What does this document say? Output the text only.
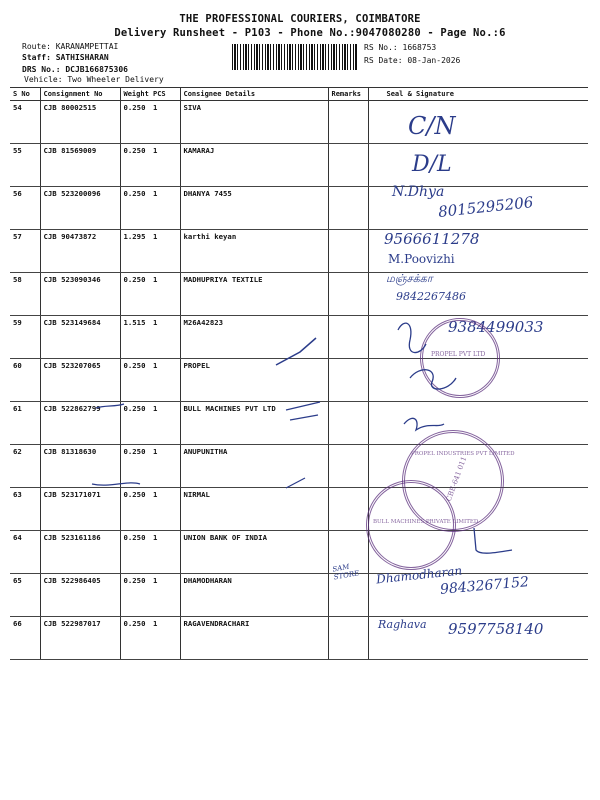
THE PROFESSIONAL COURIERS, COIMBATORE
Delivery Runsheet - P103 - Phone No.:9047080280 - Page No.:6
Route: KARANAMPETTAI
Staff: SATHISHARAN
DRS No.: DCJB166875306
Vehicle: Two Wheeler Delivery
RS No.: 1668753
RS Date: 08-Jan-2026
S No	Consignment No	Weight	PCS	Consignee Details	Remarks	Seal & Signature
54	CJB 80002515	0.250	1	SIVA		
55	CJB 81569009	0.250	1	KAMARAJ		
56	CJB 523200096	0.250	1	DHANYA 7455		
57	CJB 90473872	1.295	1	karthi keyan		
58	CJB 523090346	0.250	1	MADHUPRIYA TEXTILE		
59	CJB 523149684	1.515	1	M26A42823		
60	CJB 523207065	0.250	1	PROPEL		
61	CJB 522862799	0.250	1	BULL MACHINES PVT LTD		
62	CJB 81318630	0.250	1	ANUPUNITHA		
63	CJB 523171071	0.250	1	NIRMAL		
64	CJB 523161186	0.250	1	UNION BANK OF INDIA		
65	CJB 522986405	0.250	1	DHAMODHARAN		
66	CJB 522987017	0.250	1	RAGAVENDRACHARI		
C/N
D/L
N.Dhya
8015295206
9566611278
M.Poovizhi
மஞ்சக்கா
9842267486
9384499033
SAM STORE	Dhamodharan
9843267152
Raghava 9597758140
PROPEL PVT LTD
PROPEL INDUSTRIES PVT LIMITED
CBE-641 011
BULL MACHINES PRIVATE LIMITED
